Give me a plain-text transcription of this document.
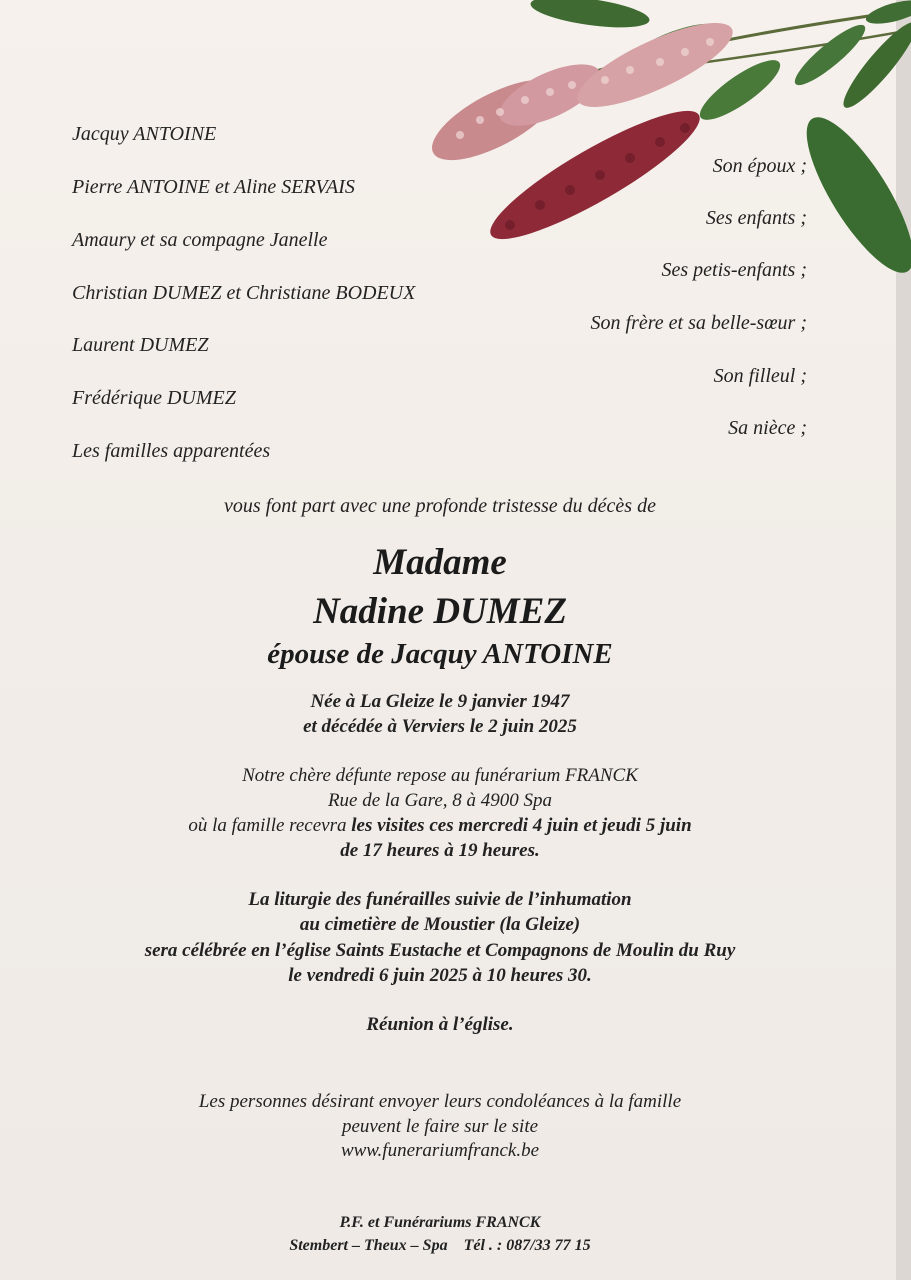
Jacquy ANTOINE
Pierre ANTOINE et Aline SERVAIS
Amaury et sa compagne Janelle
Christian DUMEZ et Christiane BODEUX
Laurent DUMEZ
Frédérique DUMEZ
Les familles apparentées
Son époux ;
Ses enfants ;
Ses petis-enfants ;
Son frère et sa belle-sœur ;
Son filleul ;
Sa nièce ;
vous font part avec une profonde tristesse du décès de
Madame
Nadine DUMEZ
épouse de Jacquy ANTOINE
Née à La Gleize le 9 janvier 1947
et décédée à Verviers le 2 juin 2025
Notre chère défunte repose au funérarium FRANCK
Rue de la Gare, 8 à 4900 Spa
où la famille recevra les visites ces mercredi 4 juin et jeudi 5 juin
de 17 heures à 19 heures.
La liturgie des funérailles suivie de l’inhumation
au cimetière de Moustier (la Gleize)
sera célébrée en l’église Saints Eustache et Compagnons de Moulin du Ruy
le vendredi 6 juin 2025 à 10 heures 30.
Réunion à l’église.
Les personnes désirant envoyer leurs condoléances à la famille
peuvent le faire sur le site
www.funerariumfranck.be
P.F. et Funérariums FRANCK
Stembert – Theux – Spa Tél . : 087/33 77 15
